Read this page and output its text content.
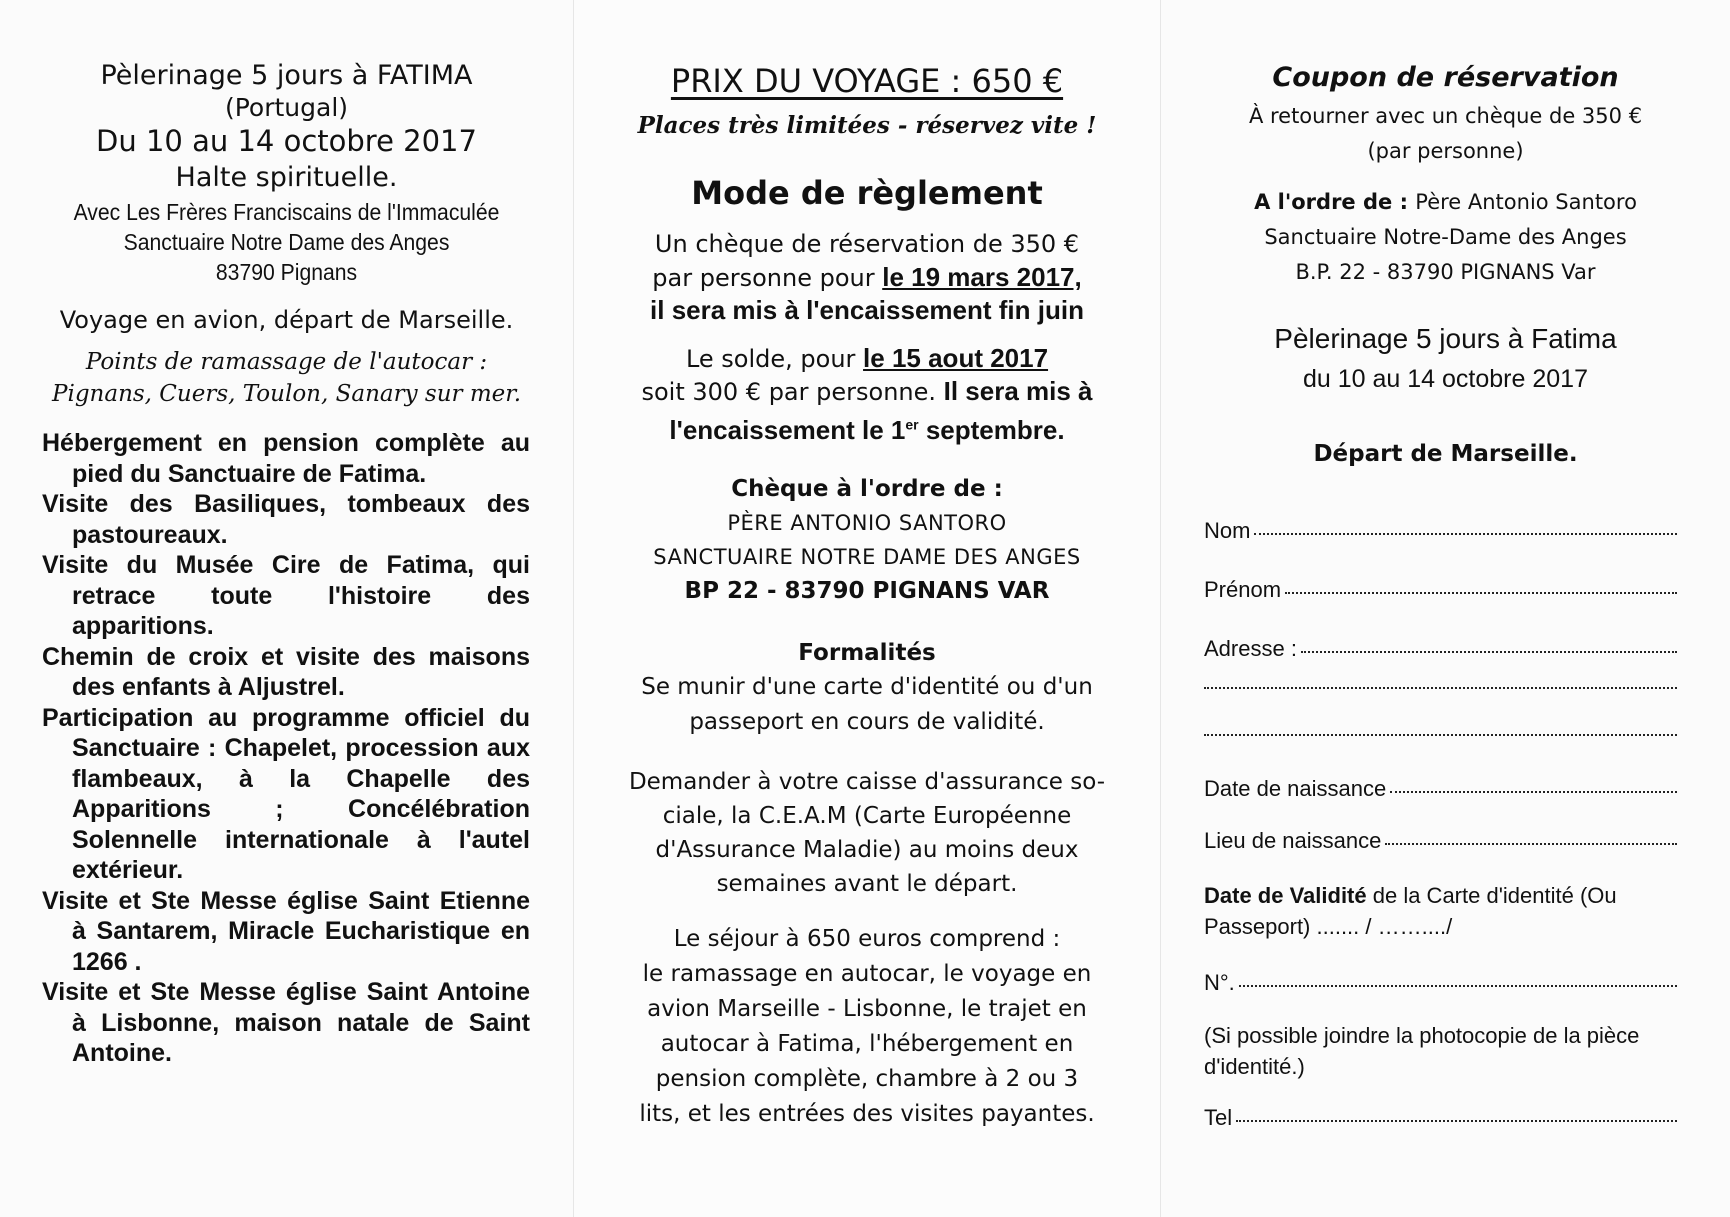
Pèlerinage 5 jours à FATIMA
(Portugal)
Du 10 au 14 octobre 2017
Halte spirituelle.
Avec Les Frères Franciscains de l'Immaculée
Sanctuaire Notre Dame des Anges
83790 Pignans
Voyage en avion, départ de Marseille.
Points de ramassage de l'autocar :
Pignans, Cuers, Toulon, Sanary sur mer.
Hébergement en pension complète au pied du Sanctuaire de Fatima.
Visite des Basiliques, tombeaux des pastoureaux.
Visite du Musée Cire de Fatima, qui retrace toute l'histoire des apparitions.
Chemin de croix et visite des maisons des enfants à Aljustrel.
Participation au programme officiel du Sanctuaire : Chapelet, procession aux flambeaux, à la Chapelle des Apparitions ; Concélébration Solennelle internationale à l'autel extérieur.
Visite et Ste Messe église Saint Etienne à Santarem, Miracle Eucharistique en 1266 .
Visite et Ste Messe église Saint Antoine à Lisbonne, maison natale de Saint Antoine.
PRIX DU VOYAGE : 650 €
Places très limitées - réservez vite !
Mode de règlement
Un chèque de réservation de 350 €
par personne pour le 19 mars 2017,
il sera mis à l'encaissement fin juin
Le solde, pour le 15 aout 2017
soit 300 € par personne. Il sera mis à
l'encaissement le 1er septembre.
Chèque à l'ordre de :
PÈRE ANTONIO SANTORO
SANCTUAIRE NOTRE DAME DES ANGES
BP 22 - 83790 PIGNANS VAR
Formalités
Se munir d'une carte d'identité ou d'un
passeport en cours de validité.
Demander à votre caisse d'assurance so-
ciale, la C.E.A.M (Carte Européenne
d'Assurance Maladie) au moins deux
semaines avant le départ.
Le séjour à 650 euros comprend :
le ramassage en autocar, le voyage en
avion Marseille - Lisbonne, le trajet en
autocar à Fatima, l'hébergement en
pension complète, chambre à 2 ou 3
lits, et les entrées des visites payantes.
Coupon de réservation
À retourner avec un chèque de 350 €
(par personne)
A l'ordre de : Père Antonio Santoro
Sanctuaire Notre-Dame des Anges
B.P. 22 - 83790 PIGNANS Var
Pèlerinage 5 jours à Fatima
du 10 au 14 octobre 2017
Départ de Marseille.
Nom
Prénom
Adresse :
Date de naissance
Lieu de naissance
Date de Validité de la Carte d'identité (Ou
Passeport) ....... / ……..../
N°.
(Si possible joindre la photocopie de la pièce
d'identité.)
Tel
